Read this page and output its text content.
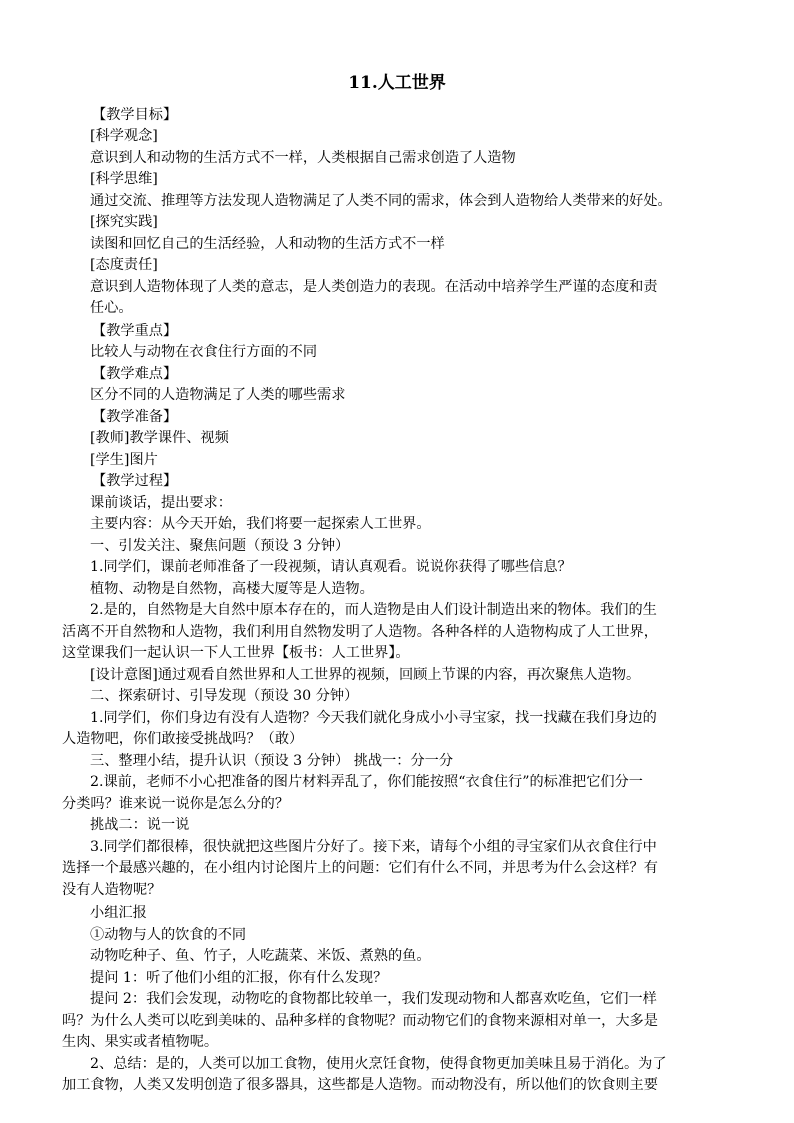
11.人工世界
【教学目标】
[科学观念]
意识到人和动物的生活方式不一样，人类根据自己需求创造了人造物
[科学思维]
通过交流、推理等方法发现人造物满足了人类不同的需求，体会到人造物给人类带来的好处。
[探究实践]
读图和回忆自己的生活经验，人和动物的生活方式不一样
[态度责任]
意识到人造物体现了人类的意志，是人类创造力的表现。在活动中培养学生严谨的态度和责
任心。
【教学重点】
比较人与动物在衣食住行方面的不同
【教学难点】
区分不同的人造物满足了人类的哪些需求
【教学准备】
[教师]教学课件、视频
[学生]图片
【教学过程】
课前谈话，提出要求：
主要内容：从今天开始，我们将要一起探索人工世界。
一、引发关注、聚焦问题（预设 3 分钟）
1.同学们，课前老师准备了一段视频，请认真观看。说说你获得了哪些信息？
植物、动物是自然物，高楼大厦等是人造物。
2.是的，自然物是大自然中原本存在的，而人造物是由人们设计制造出来的物体。我们的生
活离不开自然物和人造物，我们利用自然物发明了人造物。各种各样的人造物构成了人工世界，
这堂课我们一起认识一下人工世界【板书：人工世界】。
[设计意图]通过观看自然世界和人工世界的视频，回顾上节课的内容，再次聚焦人造物。
二、探索研讨、引导发现（预设 30 分钟）
1.同学们，你们身边有没有人造物？今天我们就化身成小小寻宝家，找一找藏在我们身边的
人造物吧，你们敢接受挑战吗？（敢）
三、整理小结，提升认识（预设 3 分钟） 挑战一：分一分
2.课前，老师不小心把准备的图片材料弄乱了，你们能按照“衣食住行”的标准把它们分一
分类吗？谁来说一说你是怎么分的？
挑战二：说一说
3.同学们都很棒，很快就把这些图片分好了。接下来，请每个小组的寻宝家们从衣食住行中
选择一个最感兴趣的，在小组内讨论图片上的问题：它们有什么不同，并思考为什么会这样？有
没有人造物呢？
小组汇报
①动物与人的饮食的不同
动物吃种子、鱼、竹子，人吃蔬菜、米饭、煮熟的鱼。
提问 1：听了他们小组的汇报，你有什么发现？
提问 2：我们会发现，动物吃的食物都比较单一，我们发现动物和人都喜欢吃鱼，它们一样
吗？为什么人类可以吃到美味的、品种多样的食物呢？而动物它们的食物来源相对单一，大多是
生肉、果实或者植物呢。
2、总结：是的，人类可以加工食物，使用火烹饪食物，使得食物更加美味且易于消化。为了
加工食物，人类又发明创造了很多器具，这些都是人造物。而动物没有，所以他们的饮食则主要
